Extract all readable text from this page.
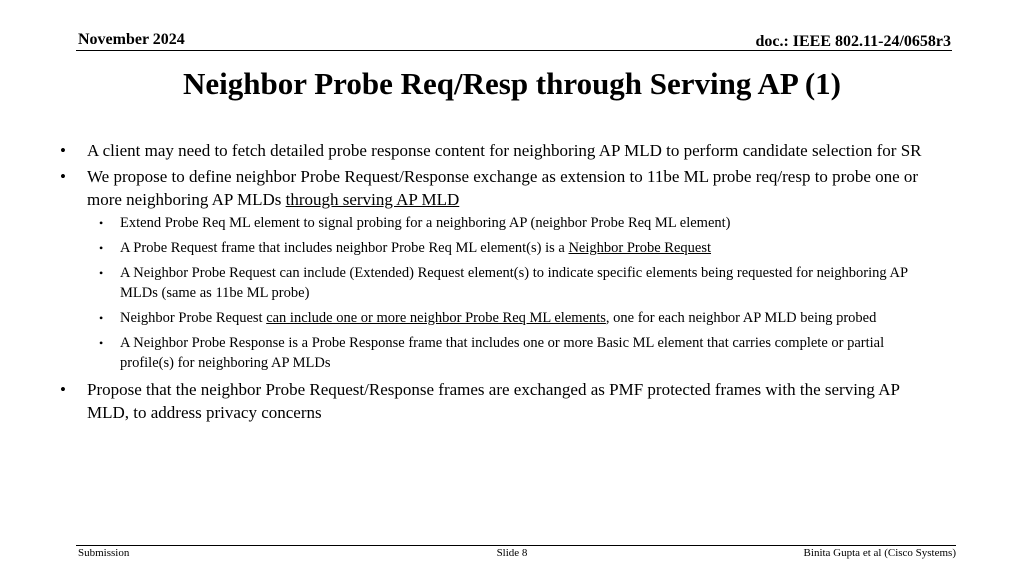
November 2024	doc.: IEEE 802.11-24/0658r3
Neighbor Probe Req/Resp through Serving AP (1)
• A client may need to fetch detailed probe response content for neighboring AP MLD to perform candidate selection for SR
• We propose to define neighbor Probe Request/Response exchange as extension to 11be ML probe req/resp to probe one or more neighboring AP MLDs through serving AP MLD
• Extend Probe Req ML element to signal probing for a neighboring AP (neighbor Probe Req ML element)
• A Probe Request frame that includes neighbor Probe Req ML element(s) is a Neighbor Probe Request
• A Neighbor Probe Request can include (Extended) Request element(s) to indicate specific elements being requested for neighboring AP MLDs (same as 11be ML probe)
• Neighbor Probe Request can include one or more neighbor Probe Req ML elements, one for each neighbor AP MLD being probed
• A Neighbor Probe Response is a Probe Response frame that includes one or more Basic ML element that carries complete or partial profile(s) for neighboring AP MLDs
• Propose that the neighbor Probe Request/Response frames are exchanged as PMF protected frames with the serving AP MLD, to address privacy concerns
Submission	Slide 8	Binita Gupta et al (Cisco Systems)
